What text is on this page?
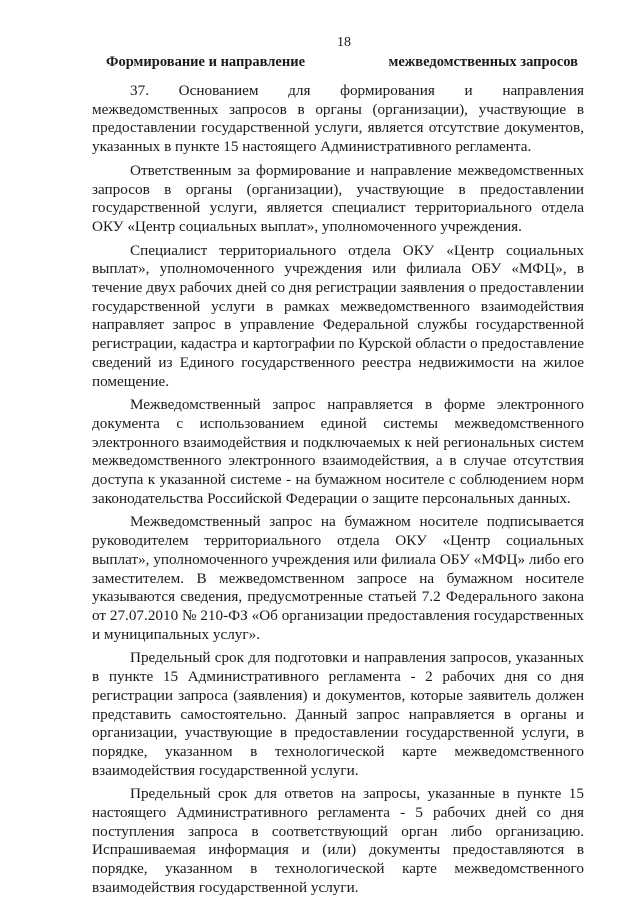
18
Формирование и направление	межведомственных запросов

37. Основанием для формирования и направления межведомственных запросов в органы (организации), участвующие в предоставлении государственной услуги, является отсутствие документов, указанных в пункте 15 настоящего Административного регламента.

Ответственным за формирование и направление межведомственных запросов в органы (организации), участвующие в предоставлении государственной услуги, является специалист территориального отдела ОКУ «Центр социальных выплат», уполномоченного учреждения.

Специалист территориального отдела ОКУ «Центр социальных выплат», уполномоченного учреждения или филиала ОБУ «МФЦ», в течение двух рабочих дней со дня регистрации заявления о предоставлении государственной услуги в рамках межведомственного взаимодействия направляет запрос в управление Федеральной службы государственной регистрации, кадастра и картографии по Курской области о предоставление сведений из Единого государственного реестра недвижимости на жилое помещение.

Межведомственный запрос направляется в форме электронного документа с использованием единой системы межведомственного электронного взаимодействия и подключаемых к ней региональных систем межведомственного электронного взаимодействия, а в случае отсутствия доступа к указанной системе - на бумажном носителе с соблюдением норм законодательства Российской Федерации о защите персональных данных.

Межведомственный запрос на бумажном носителе подписывается руководителем территориального отдела ОКУ «Центр социальных выплат», уполномоченного учреждения или филиала ОБУ «МФЦ» либо его заместителем. В межведомственном запросе на бумажном носителе указываются сведения, предусмотренные статьей 7.2 Федерального закона от 27.07.2010 № 210-ФЗ «Об организации предоставления государственных и муниципальных услуг».

Предельный срок для подготовки и направления запросов, указанных в пункте 15 Административного регламента - 2 рабочих дня со дня регистрации запроса (заявления) и документов, которые заявитель должен представить самостоятельно. Данный запрос направляется в органы и организации, участвующие в предоставлении государственной услуги, в порядке, указанном в технологической карте межведомственного взаимодействия государственной услуги.

Предельный срок для ответов на запросы, указанные в пункте 15 настоящего Административного регламента - 5 рабочих дней со дня поступления запроса в соответствующий орган либо организацию. Испрашиваемая информация и (или) документы предоставляются в порядке, указанном в технологической карте межведомственного взаимодействия государственной услуги.
